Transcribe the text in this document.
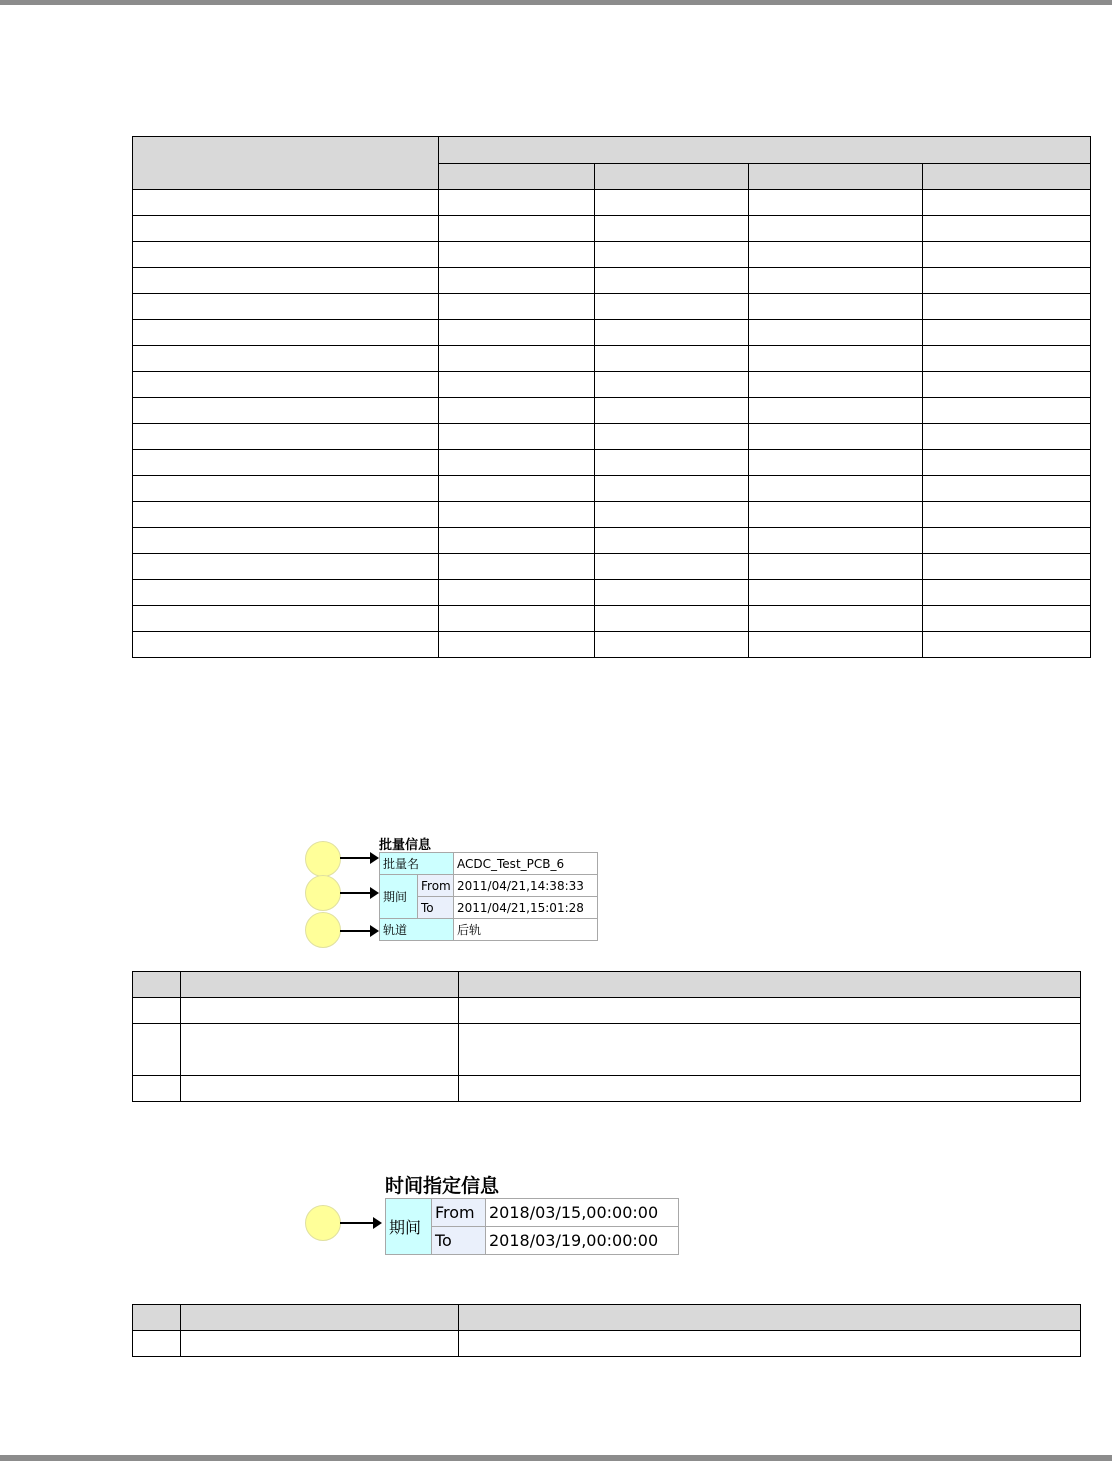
批量信息
批量名		ACDC_Test_PCB_6
期间	From	2011/04/21,14:38:33
	To	2011/04/21,15:01:28
轨道		后轨

时间指定信息
期间	From	2018/03/15,00:00:00
	To	2018/03/19,00:00:00
